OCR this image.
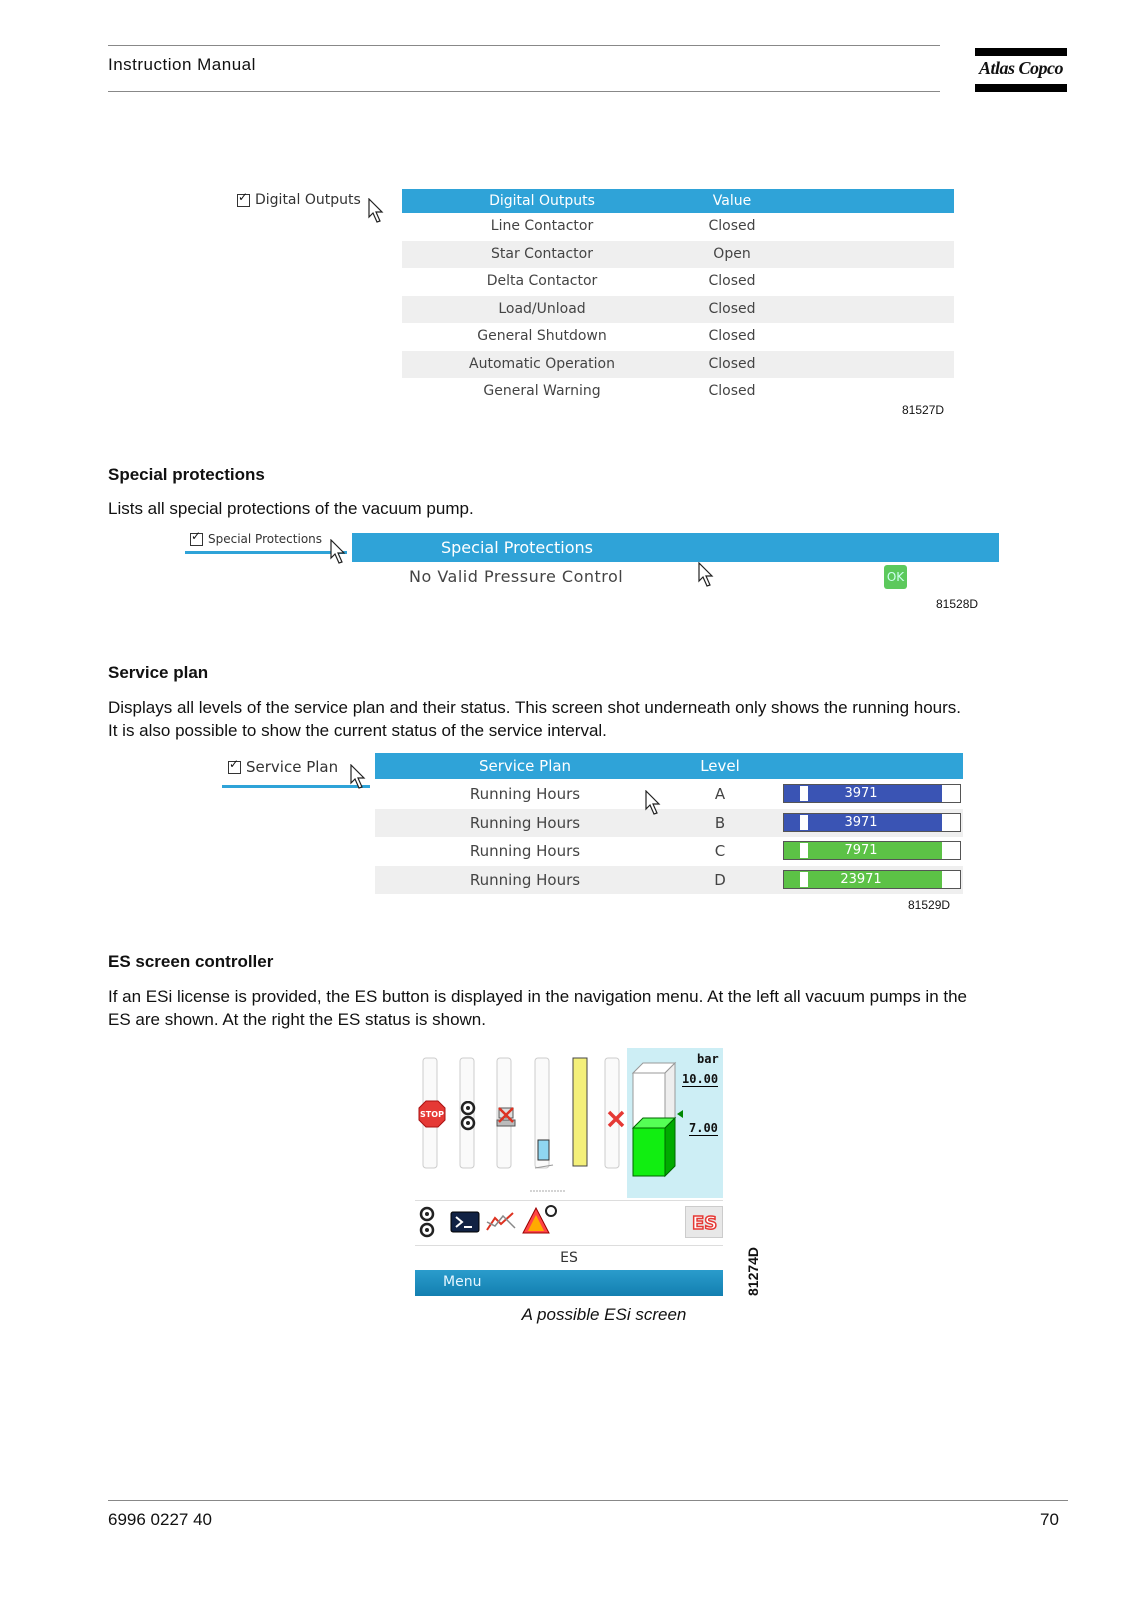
Instruction Manual	Atlas Copco
✓Digital Outputs	Digital Outputs	Value
Line Contactor	Closed
Star Contactor	Open
Delta Contactor	Closed
Load/Unload	Closed
General Shutdown	Closed
Automatic Operation	Closed
General Warning	Closed
81527D
Special protections
Lists all special protections of the vacuum pump.
✓Special Protections	Special Protections
No Valid Pressure Control	OK
81528D
Service plan
Displays all levels of the service plan and their status. This screen shot underneath only shows the running hours.
It is also possible to show the current status of the service interval.
✓Service Plan	Service Plan	Level
Running Hours	A	3971
Running Hours	B	3971
Running Hours	C	7971
Running Hours	D	23971
81529D
ES screen controller
If an ESi license is provided, the ES button is displayed in the navigation menu. At the left all vacuum pumps in the
ES are shown. At the right the ES status is shown.
STOP
bar
10.00
7.00
ES
ES
Menu	81274D
A possible ESi screen
6996 0227 40	70
